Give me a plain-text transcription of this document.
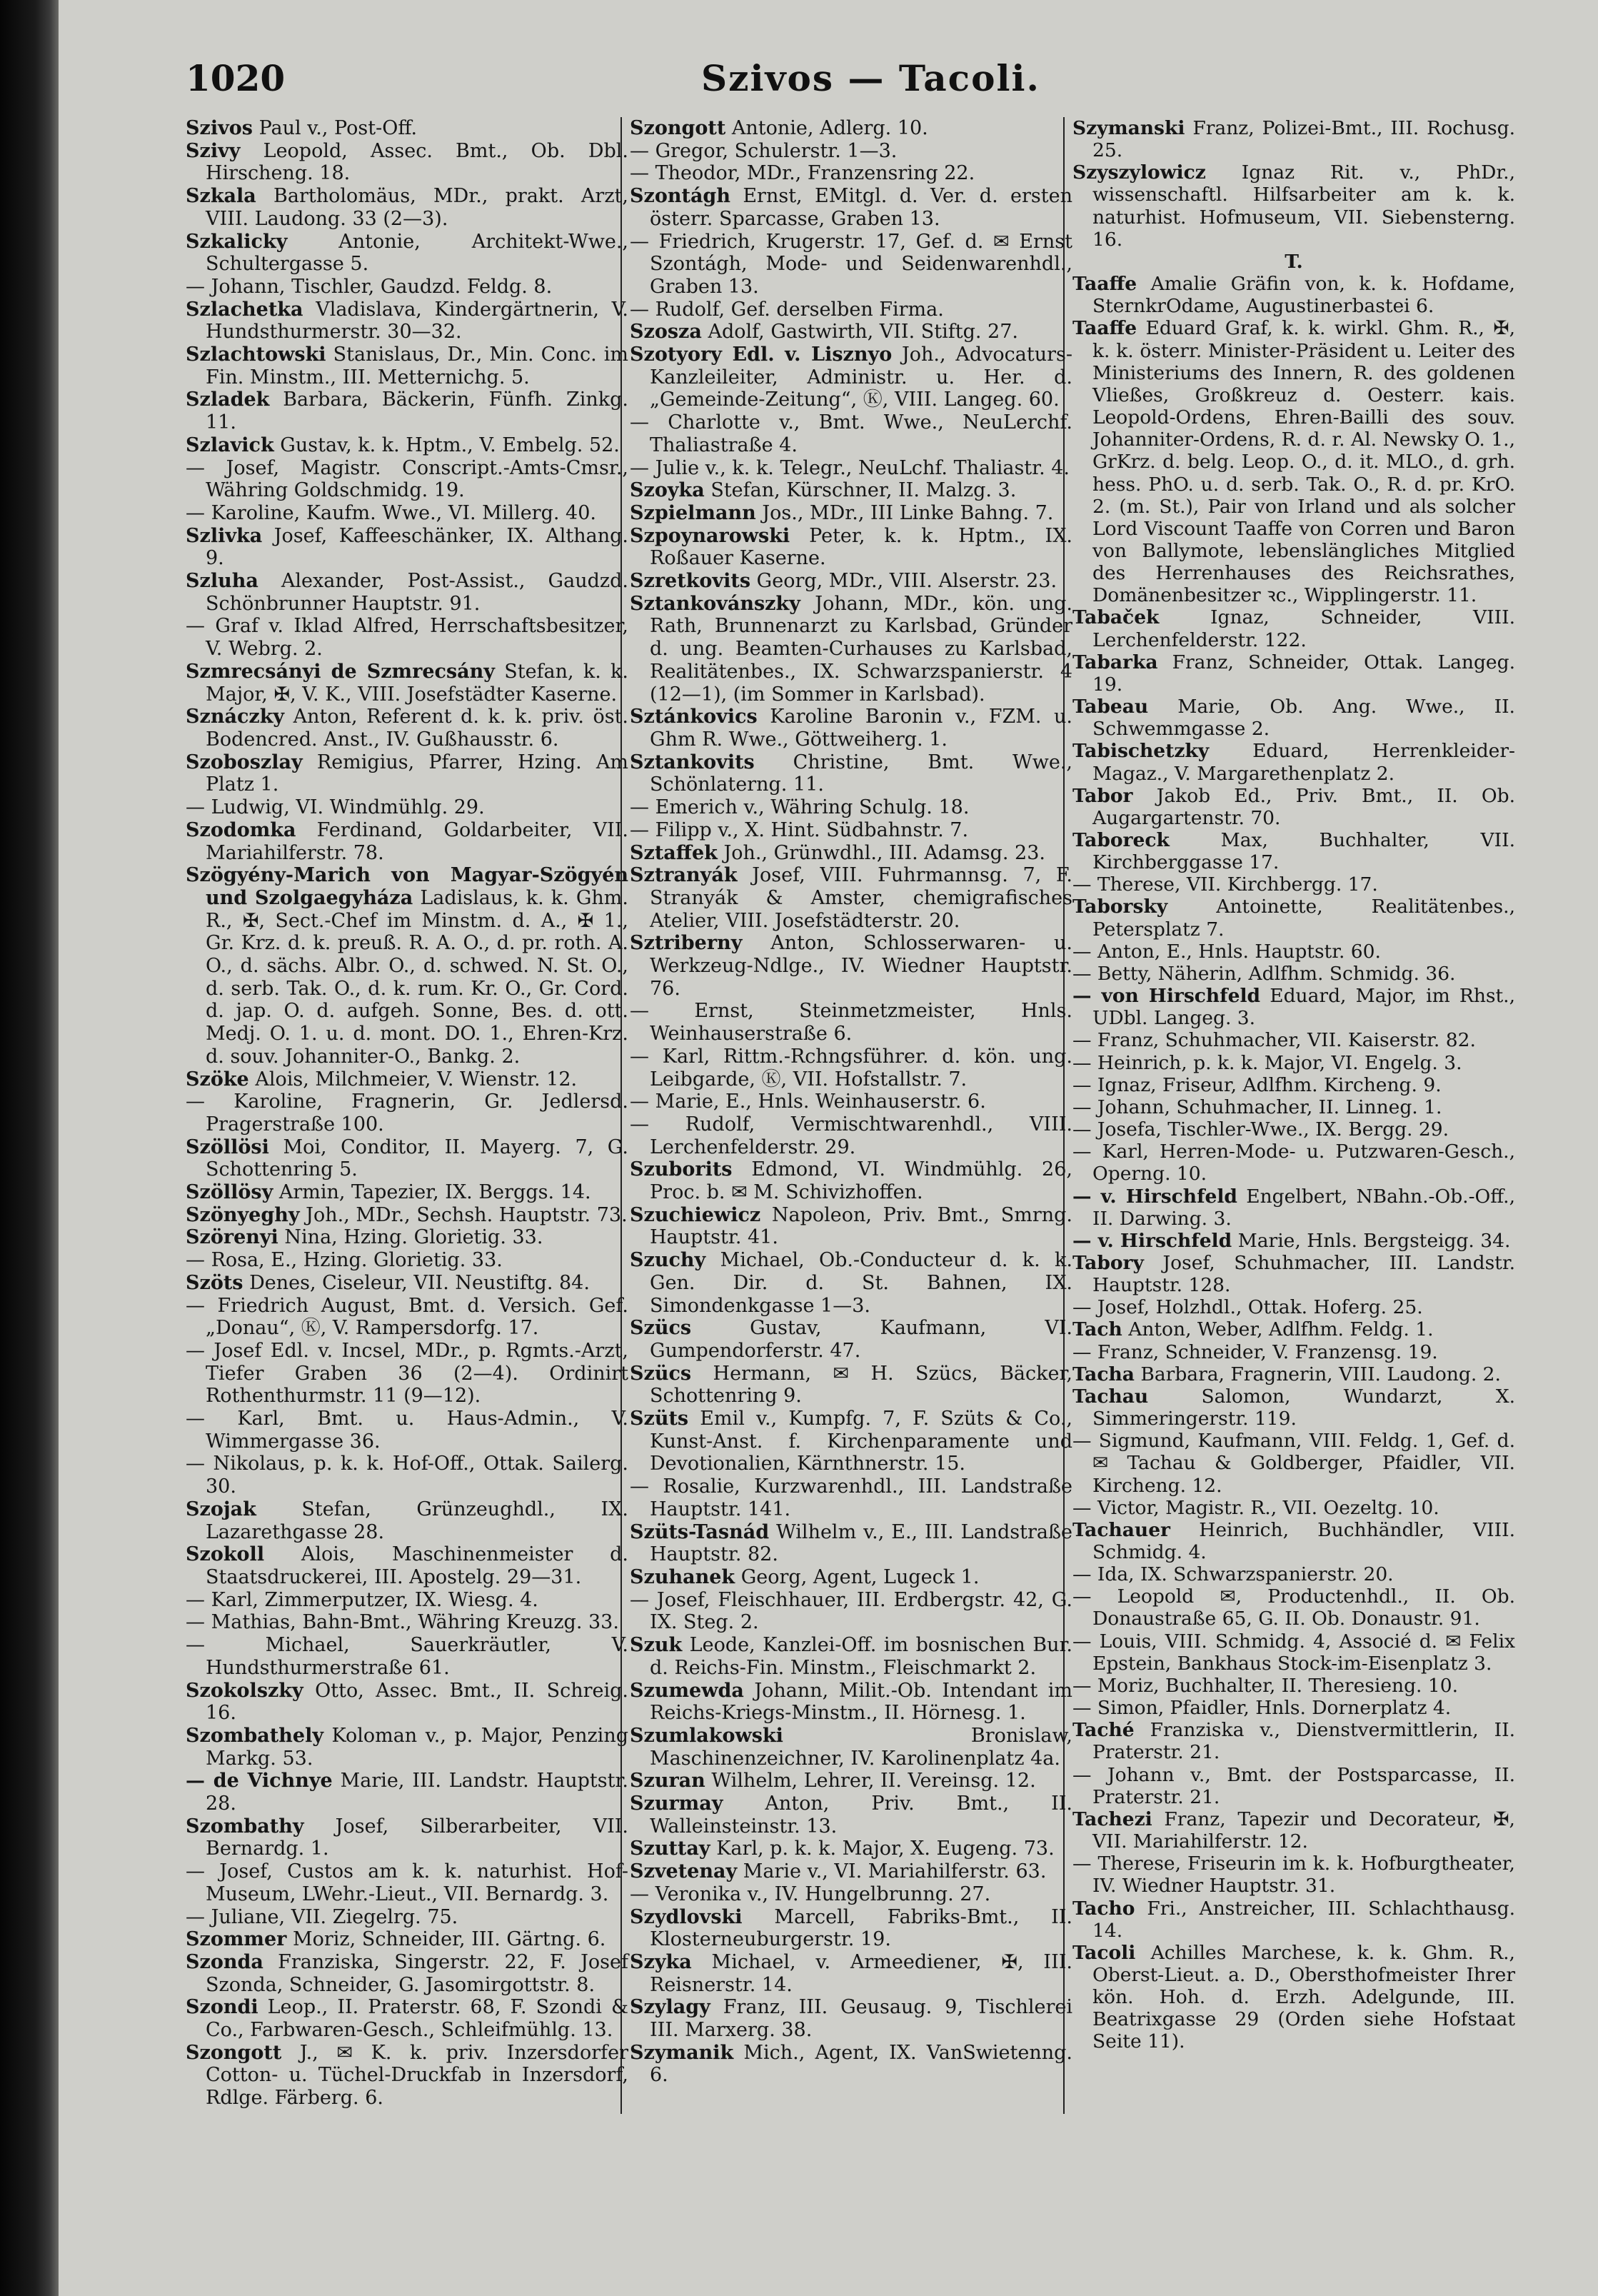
1020	Szivos — Tacoli.

Szivos Paul v., Post-Off.

Szivy Leopold, Assec. Bmt., Ob. Dbl. Hirscheng. 18.

Szkala Bartholomäus, MDr., prakt. Arzt, VIII. Laudong. 33 (2—3).

Szkalicky	Antonie, Architekt-Wwe., Schultergasse 5.

— Johann, Tischler, Gaudzd. Feldg. 8.

Szlachetka Vladislava, Kindergärtnerin, V. Hundsthurmerstr. 30—32.

Szlachtowski Stanislaus, Dr., Min. Conc. im Fin. Minstm., III. Metternichg. 5.

Szladek Barbara, Bäckerin, Fünfh. Zinkg. 11.

Szlavick Gustav, k. k. Hptm., V. Embelg. 52.

— Josef, Magistr. Conscript.-Amts-Cmsr., Währing Goldschmidg. 19.

— Karoline, Kaufm. Wwe., VI. Millerg. 40.

Szlivka Josef, Kaffeeschänker, IX. Althang. 9.

Szluha Alexander, Post-Assist., Gaudzd. Schönbrunner Hauptstr. 91.

— Graf v. Iklad Alfred, Herrschaftsbesitzer, V. Webrg. 2.

Szmrecsányi de Szmrecsány Stefan, k. k. Major, ✠, V. K., VIII. Josefstädter Kaserne.

Sznáczky Anton, Referent d. k. k. priv. öst. Bodencred. Anst., IV. Gußhausstr. 6.

Szoboszlay Remigius, Pfarrer, Hzing. Am Platz 1.

— Ludwig, VI. Windmühlg. 29.

Szodomka Ferdinand, Goldarbeiter, VII. Mariahilferstr. 78.

Szögyény-Marich von Magyar-Szögyén und Szolgaegyháza Ladislaus, k. k. Ghm. R., ✠, Sect.-Chef im Minstm. d. A., ✠ 1., Gr. Krz. d. k. preuß. R. A. O., d. pr. roth. A. O., d. sächs. Albr. O., d. schwed. N. St. O., d. serb. Tak. O., d. k. rum. Kr. O., Gr. Cord. d. jap. O. d. aufgeh. Sonne, Bes. d. ott. Medj. O. 1. u. d. mont. DO. 1., Ehren-Krz. d. souv. Johanniter-O., Bankg. 2.

Szöke Alois, Milchmeier, V. Wienstr. 12.

— Karoline, Fragnerin, Gr. Jedlersd. Pragerstraße 100.

Szöllösi Moi, Conditor, II. Mayerg. 7, G. Schottenring 5.

Szöllösy Armin, Tapezier, IX. Berggs. 14.

Szönyeghy Joh., MDr., Sechsh. Hauptstr. 73.

Szörenyi Nina, Hzing. Glorietig. 33.

— Rosa, E., Hzing. Glorietig. 33.

Szöts Denes, Ciseleur, VII. Neustiftg. 84.

— Friedrich August, Bmt. d. Versich. Gef. „Donau“, Ⓚ, V. Rampersdorfg. 17.

— Josef Edl. v. Incsel, MDr., p. Rgmts.-Arzt, Tiefer Graben 36 (2—4). Ordinirt Rothenthurmstr. 11 (9—12).

— Karl, Bmt. u. Haus-Admin., V. Wimmergasse 36.

— Nikolaus, p. k. k. Hof-Off., Ottak. Sailerg. 30.

Szojak Stefan, Grünzeughdl., IX. Lazarethgasse 28.

Szokoll Alois, Maschinenmeister d. Staatsdruckerei, III. Apostelg. 29—31.

— Karl, Zimmerputzer, IX. Wiesg. 4.

— Mathias, Bahn-Bmt., Währing Kreuzg. 33.

— Michael, Sauerkräutler, V. Hundsthurmerstraße 61.

Szokolszky Otto, Assec. Bmt., II. Schreig. 16.

Szombathely Koloman v., p. Major, Penzing Markg. 53.

— de Vichnye Marie, III. Landstr. Hauptstr. 28.

Szombathy Josef, Silberarbeiter, VII. Bernardg. 1.

— Josef, Custos am k. k. naturhist. Hof-Museum, LWehr.-Lieut., VII. Bernardg. 3.

— Juliane, VII. Ziegelrg. 75.

Szommer Moriz, Schneider, III. Gärtng. 6.

Szonda Franziska, Singerstr. 22, F. Josef Szonda, Schneider, G. Jasomirgottstr. 8.

Szondi Leop., II. Praterstr. 68, F. Szondi & Co., Farbwaren-Gesch., Schleifmühlg. 13.

Szongott J., ✉ K. k. priv. Inzersdorfer Cotton- u. Tüchel-Druckfab in Inzersdorf, Rdlge. Färberg. 6.

Szongott Antonie, Adlerg. 10.

— Gregor, Schulerstr. 1—3.

— Theodor, MDr., Franzensring 22.

Szontágh Ernst, EMitgl. d. Ver. d. ersten österr. Sparcasse, Graben 13.

— Friedrich, Krugerstr. 17, Gef. d. ✉ Ernst Szontágh, Mode- und Seidenwarenhdl., Graben 13.

— Rudolf, Gef. derselben Firma.

Szosza Adolf, Gastwirth, VII. Stiftg. 27.

Szotyory Edl. v. Lisznyo Joh., Advocaturs-Kanzleileiter, Administr. u. Her. d. „Gemeinde-Zeitung“, Ⓚ, VIII. Langeg. 60.

— Charlotte v., Bmt. Wwe., NeuLerchf. Thaliastraße 4.

— Julie v., k. k. Telegr., NeuLchf. Thaliastr. 4.

Szoyka Stefan, Kürschner, II. Malzg. 3.

Szpielmann Jos., MDr., III Linke Bahng. 7.

Szpoynarowski Peter, k. k. Hptm., IX. Roßauer Kaserne.

Szretkovits Georg, MDr., VIII. Alserstr. 23.

Sztankovánszky Johann, MDr., kön. ung. Rath, Brunnenarzt zu Karlsbad, Gründer d. ung. Beamten-Curhauses zu Karlsbad, Realitätenbes., IX. Schwarzspanierstr. 4 (12—1), (im Sommer in Karlsbad).

Sztánkovics Karoline Baronin v., FZM. u. Ghm R. Wwe., Göttweiherg. 1.

Sztankovits Christine, Bmt. Wwe., Schönlaterng. 11.

— Emerich v., Währing Schulg. 18.

— Filipp v., X. Hint. Südbahnstr. 7.

Sztaffek Joh., Grünwdhl., III. Adamsg. 23.

Sztranyák Josef, VIII. Fuhrmannsg. 7, F. Stranyák & Amster, chemigrafisches Atelier, VIII. Josefstädterstr. 20.

Sztriberny Anton, Schlosserwaren- u. Werkzeug-Ndlge., IV. Wiedner Hauptstr. 76.

— Ernst, Steinmetzmeister, Hnls. Weinhauserstraße 6.

— Karl, Rittm.-Rchngsführer. d. kön. ung. Leibgarde, Ⓚ, VII. Hofstallstr. 7.

— Marie, E., Hnls. Weinhauserstr. 6.

— Rudolf, Vermischtwarenhdl., VIII. Lerchenfelderstr. 29.

Szuborits Edmond, VI. Windmühlg. 26, Proc. b. ✉ M. Schivizhoffen.

Szuchiewicz Napoleon, Priv. Bmt., Smrng. Hauptstr. 41.

Szuchy Michael, Ob.-Conducteur d. k. k. Gen. Dir. d. St. Bahnen, IX. Simondenkgasse 1—3.

Szücs	Gustav, Kaufmann, VI. Gumpendorferstr. 47.

Szücs Hermann, ✉ H. Szücs, Bäcker, Schottenring 9.

Szüts Emil v., Kumpfg. 7, F. Szüts & Co., Kunst-Anst. f. Kirchenparamente und Devotionalien, Kärnthnerstr. 15.

— Rosalie, Kurzwarenhdl., III. Landstraße Hauptstr. 141.

Szüts-Tasnád Wilhelm v., E., III. Landstraße Hauptstr. 82.

Szuhanek Georg, Agent, Lugeck 1.

— Josef, Fleischhauer, III. Erdbergstr. 42, G. IX. Steg. 2.

Szuk Leode, Kanzlei-Off. im bosnischen Bur. d. Reichs-Fin. Minstm., Fleischmarkt 2.

Szumewda Johann, Milit.-Ob. Intendant im Reichs-Kriegs-Minstm., II. Hörnesg. 1.

Szumlakowski	Bronislaw, Maschinenzeichner, IV. Karolinenplatz 4a.

Szuran Wilhelm, Lehrer, II. Vereinsg. 12.

Szurmay Anton, Priv. Bmt., II. Walleinsteinstr. 13.

Szuttay Karl, p. k. k. Major, X. Eugeng. 73.

Szvetenay Marie v., VI. Mariahilferstr. 63.

— Veronika v., IV. Hungelbrunng. 27.

Szydlovski Marcell, Fabriks-Bmt., II. Klosterneuburgerstr. 19.

Szyka Michael, v. Armeediener, ✠, III. Reisnerstr. 14.

Szylagy Franz, III. Geusaug. 9, Tischlerei III. Marxerg. 38.

Szymanik Mich., Agent, IX. VanSwietenng. 6.

Szymanski Franz, Polizei-Bmt., III. Rochusg. 25.

Szyszylowicz Ignaz Rit. v., PhDr., wissenschaftl. Hilfsarbeiter am k. k. naturhist. Hofmuseum, VII. Siebensterng. 16.

T.

Taaffe Amalie Gräfin von, k. k. Hofdame, SternkrOdame, Augustinerbastei 6.

Taaffe Eduard Graf, k. k. wirkl. Ghm. R., ✠, k. k. österr. Minister-Präsident u. Leiter des Ministeriums des Innern, R. des goldenen Vließes, Großkreuz d. Oesterr. kais. Leopold-Ordens, Ehren-Bailli des souv. Johanniter-Ordens, R. d. r. Al. Newsky O. 1., GrKrz. d. belg. Leop. O., d. it. MLO., d. grh. hess. PhO. u. d. serb. Tak. O., R. d. pr. KrO. 2. (m. St.), Pair von Irland und als solcher Lord Viscount Taaffe von Corren und Baron von Ballymote, lebenslängliches Mitglied des Herrenhauses des Reichsrathes, Domänenbesitzer ꝛc., Wipplingerstr. 11.

Tabaček	Ignaz, Schneider, VIII. Lerchenfelderstr. 122.

Tabarka Franz, Schneider, Ottak. Langeg. 19.

Tabeau Marie, Ob. Ang. Wwe., II. Schwemmgasse 2.

Tabischetzky Eduard, Herrenkleider-Magaz., V. Margarethenplatz 2.

Tabor Jakob Ed., Priv. Bmt., II. Ob. Augargartenstr. 70.

Taboreck	Max, Buchhalter, VII. Kirchberggasse 17.

— Therese, VII. Kirchbergg. 17.

Taborsky	Antoinette, Realitätenbes., Petersplatz 7.

— Anton, E., Hnls. Hauptstr. 60.

— Betty, Näherin, Adlfhm. Schmidg. 36.

— von Hirschfeld Eduard, Major, im Rhst., UDbl. Langeg. 3.

— Franz, Schuhmacher, VII. Kaiserstr. 82.

— Heinrich, p. k. k. Major, VI. Engelg. 3.

— Ignaz, Friseur, Adlfhm. Kircheng. 9.

— Johann, Schuhmacher, II. Linneg. 1.

— Josefa, Tischler-Wwe., IX. Bergg. 29.

— Karl, Herren-Mode- u. Putzwaren-Gesch., Operng. 10.

— v. Hirschfeld Engelbert, NBahn.-Ob.-Off., II. Darwing. 3.

— v. Hirschfeld Marie, Hnls. Bergsteigg. 34.

Tabory Josef, Schuhmacher, III. Landstr. Hauptstr. 128.

— Josef, Holzhdl., Ottak. Hoferg. 25.

Tach Anton, Weber, Adlfhm. Feldg. 1.

— Franz, Schneider, V. Franzensg. 19.

Tacha Barbara, Fragnerin, VIII. Laudong. 2.

Tachau	Salomon, Wundarzt, X. Simmeringerstr. 119.

— Sigmund, Kaufmann, VIII. Feldg. 1, Gef. d. ✉ Tachau & Goldberger, Pfaidler, VII. Kircheng. 12.

— Victor, Magistr. R., VII. Oezeltg. 10.

Tachauer Heinrich, Buchhändler, VIII. Schmidg. 4.

— Ida, IX. Schwarzspanierstr. 20.

— Leopold ✉, Productenhdl., II. Ob. Donaustraße 65, G. II. Ob. Donaustr. 91.

— Louis, VIII. Schmidg. 4, Associé d. ✉ Felix Epstein, Bankhaus Stock-im-Eisenplatz 3.

— Moriz, Buchhalter, II. Theresieng. 10.

— Simon, Pfaidler, Hnls. Dornerplatz 4.

Taché Franziska v., Dienstvermittlerin, II. Praterstr. 21.

— Johann v., Bmt. der Postsparcasse, II. Praterstr. 21.

Tachezi Franz, Tapezir und Decorateur, ✠, VII. Mariahilferstr. 12.

— Therese, Friseurin im k. k. Hofburgtheater, IV. Wiedner Hauptstr. 31.

Tacho Fri., Anstreicher, III. Schlachthausg. 14.

Tacoli Achilles Marchese, k. k. Ghm. R., Oberst-Lieut. a. D., Obersthofmeister Ihrer kön. Hoh. d. Erzh. Adelgunde, III. Beatrixgasse 29 (Orden siehe Hofstaat Seite 11).
